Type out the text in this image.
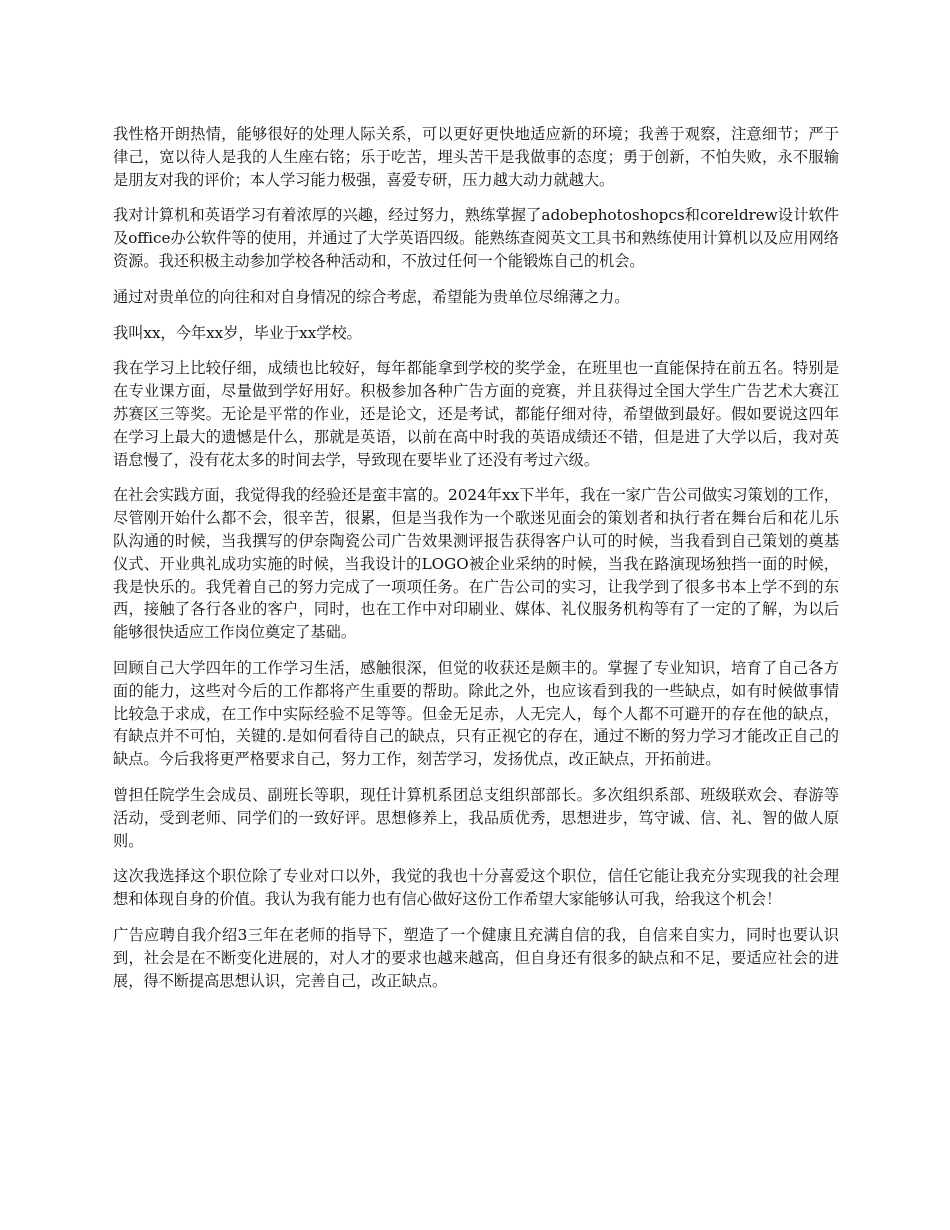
我性格开朗热情，能够很好的处理人际关系，可以更好更快地适应新的环境；我善于观察，注意细节；严于律己，宽以待人是我的人生座右铭；乐于吃苦，埋头苦干是我做事的态度；勇于创新，不怕失败，永不服输是朋友对我的评价；本人学习能力极强，喜爱专研，压力越大动力就越大。

我对计算机和英语学习有着浓厚的兴趣，经过努力，熟练掌握了adobephotoshopcs和coreldrew设计软件及office办公软件等的使用，并通过了大学英语四级。能熟练查阅英文工具书和熟练使用计算机以及应用网络资源。我还积极主动参加学校各种活动和，不放过任何一个能锻炼自己的机会。

通过对贵单位的向往和对自身情况的综合考虑，希望能为贵单位尽绵薄之力。

我叫xx，今年xx岁，毕业于xx学校。

我在学习上比较仔细，成绩也比较好，每年都能拿到学校的奖学金，在班里也一直能保持在前五名。特别是在专业课方面，尽量做到学好用好。积极参加各种广告方面的竞赛，并且获得过全国大学生广告艺术大赛江苏赛区三等奖。无论是平常的作业，还是论文，还是考试，都能仔细对待，希望做到最好。假如要说这四年在学习上最大的遗憾是什么，那就是英语，以前在高中时我的英语成绩还不错，但是进了大学以后，我对英语怠慢了，没有花太多的时间去学，导致现在要毕业了还没有考过六级。

在社会实践方面，我觉得我的经验还是蛮丰富的。2024年xx下半年，我在一家广告公司做实习策划的工作，尽管刚开始什么都不会，很辛苦，很累，但是当我作为一个歌迷见面会的策划者和执行者在舞台后和花儿乐队沟通的时候，当我撰写的伊奈陶瓷公司广告效果测评报告获得客户认可的时候，当我看到自己策划的奠基仪式、开业典礼成功实施的时候，当我设计的LOGO被企业采纳的时候，当我在路演现场独挡一面的时候，我是快乐的。我凭着自己的努力完成了一项项任务。在广告公司的实习，让我学到了很多书本上学不到的东西，接触了各行各业的客户，同时，也在工作中对印刷业、媒体、礼仪服务机构等有了一定的了解，为以后能够很快适应工作岗位奠定了基础。

回顾自己大学四年的工作学习生活，感触很深，但觉的收获还是颇丰的。掌握了专业知识，培育了自己各方面的能力，这些对今后的工作都将产生重要的帮助。除此之外，也应该看到我的一些缺点，如有时候做事情比较急于求成，在工作中实际经验不足等等。但金无足赤，人无完人，每个人都不可避开的存在他的缺点，有缺点并不可怕，关键的.是如何看待自己的缺点，只有正视它的存在，通过不断的努力学习才能改正自己的缺点。今后我将更严格要求自己，努力工作，刻苦学习，发扬优点，改正缺点，开拓前进。

曾担任院学生会成员、副班长等职，现任计算机系团总支组织部部长。多次组织系部、班级联欢会、春游等活动，受到老师、同学们的一致好评。思想修养上，我品质优秀，思想进步，笃守诚、信、礼、智的做人原则。

这次我选择这个职位除了专业对口以外，我觉的我也十分喜爱这个职位，信任它能让我充分实现我的社会理想和体现自身的价值。我认为我有能力也有信心做好这份工作希望大家能够认可我，给我这个机会！

广告应聘自我介绍3三年在老师的指导下，塑造了一个健康且充满自信的我，自信来自实力，同时也要认识到，社会是在不断变化进展的，对人才的要求也越来越高，但自身还有很多的缺点和不足，要适应社会的进展，得不断提高思想认识，完善自己，改正缺点。
